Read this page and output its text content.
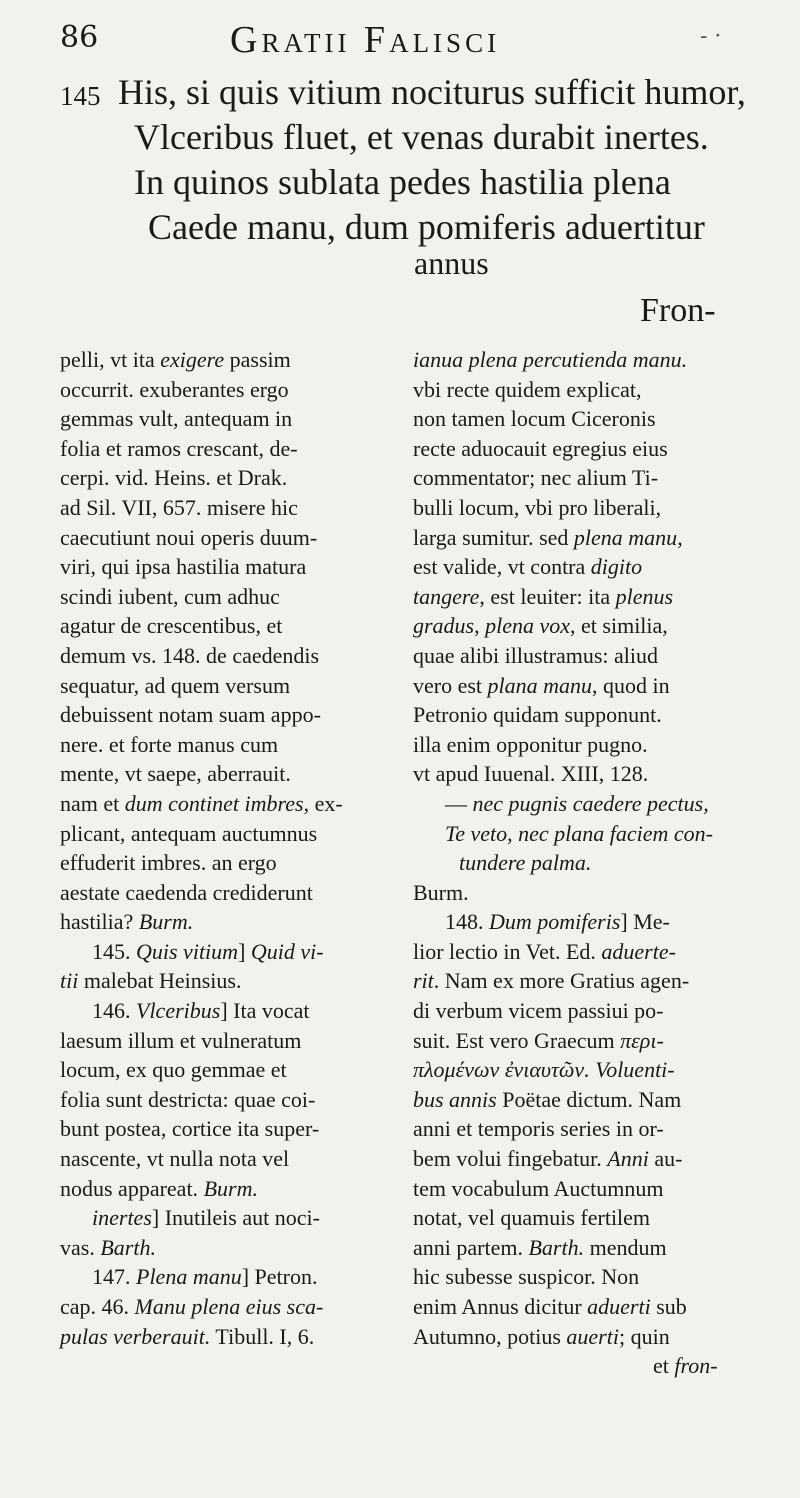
86	Gratii Falisci	- ·
145 His, si quis vitium nociturus sufficit humor,
Vlceribus fluet, et venas durabit inertes.
In quinos sublata pedes hastilia plena
Caede manu, dum pomiferis aduertitur
annus
Fron-
pelli, vt ita exigere passim
occurrit. exuberantes ergo
gemmas vult, antequam in
folia et ramos crescant, de-
cerpi. vid. Heins. et Drak.
ad Sil. VII, 657. misere hic
caecutiunt noui operis duum-
viri, qui ipsa hastilia matura
scindi iubent, cum adhuc
agatur de crescentibus, et
demum vs. 148. de caedendis
sequatur, ad quem versum
debuissent notam suam appo-
nere. et forte manus cum
mente, vt saepe, aberrauit.
nam et dum continet imbres, ex-
plicant, antequam auctumnus
effuderit imbres. an ergo
aestate caedenda crediderunt
hastilia? Burm.
145. Quis vitium] Quid vi-
tii malebat Heinsius.
146. Vlceribus] Ita vocat
laesum illum et vulneratum
locum, ex quo gemmae et
folia sunt destricta: quae coi-
bunt postea, cortice ita super-
nascente, vt nulla nota vel
nodus appareat. Burm.
inertes] Inutileis aut noci-
vas. Barth.
147. Plena manu] Petron.
cap. 46. Manu plena eius sca-
pulas verberauit. Tibull. I, 6.
ianua plena percutienda manu.
vbi recte quidem explicat,
non tamen locum Ciceronis
recte aduocauit egregius eius
commentator; nec alium Ti-
bulli locum, vbi pro liberali,
larga sumitur. sed plena manu,
est valide, vt contra digito
tangere, est leuiter: ita plenus
gradus, plena vox, et similia,
quae alibi illustramus: aliud
vero est plana manu, quod in
Petronio quidam supponunt.
illa enim opponitur pugno.
vt apud Iuuenal. XIII, 128.
— nec pugnis caedere pectus,
Te veto, nec plana faciem con-
tundere palma.
Burm.
148. Dum pomiferis] Me-
lior lectio in Vet. Ed. aduerte-
rit. Nam ex more Gratius agen-
di verbum vicem passiui po-
suit. Est vero Graecum περι-
πλομένων ἐνιαυτῶν. Voluenti-
bus annis Poëtae dictum. Nam
anni et temporis series in or-
bem volui fingebatur. Anni au-
tem vocabulum Auctumnum
notat, vel quamuis fertilem
anni partem. Barth. mendum
hic subesse suspicor. Non
enim Annus dicitur aduerti sub
Autumno, potius auerti; quin
et fron-
